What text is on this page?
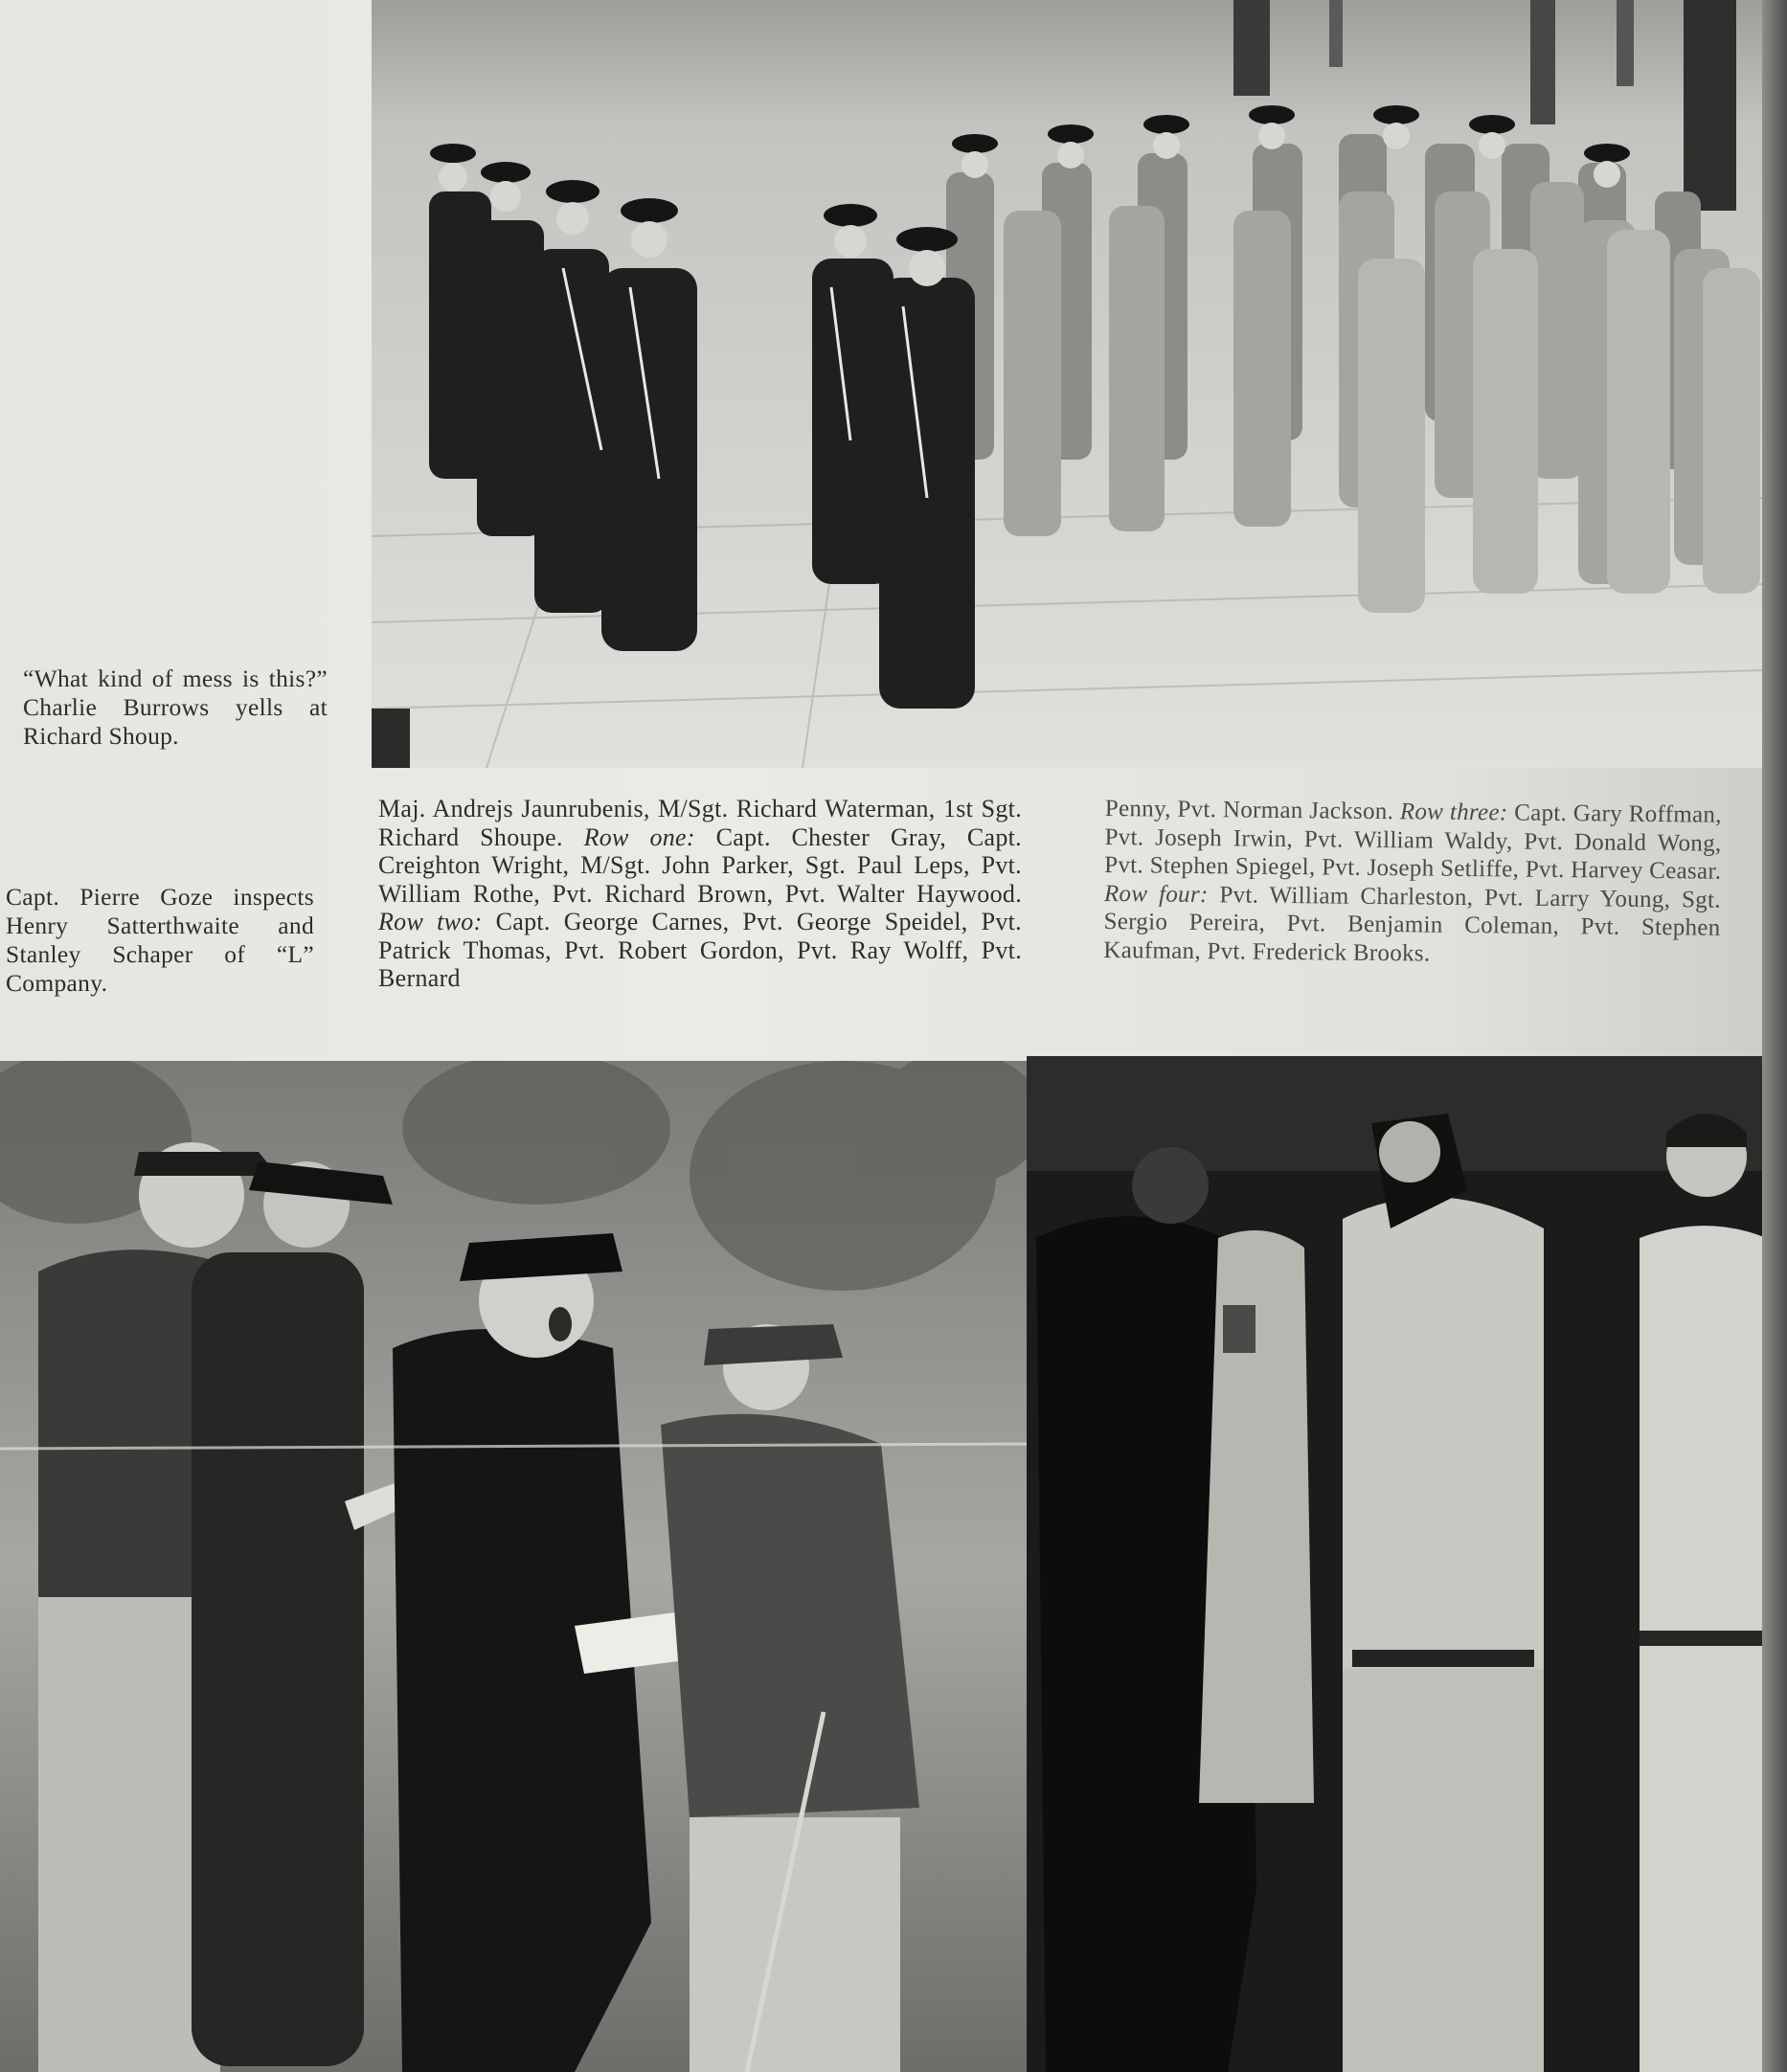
“What kind of mess is this?” Charlie Burrows yells at Richard Shoup.
Capt. Pierre Goze inspects Henry Satterthwaite and Stanley Schaper of “L” Company.
Maj. Andrejs Jaunrubenis, M/Sgt. Richard Waterman, 1st Sgt. Richard Shoupe. Row one: Capt. Chester Gray, Capt. Creighton Wright, M/Sgt. John Parker, Sgt. Paul Leps, Pvt. William Rothe, Pvt. Richard Brown, Pvt. Walter Haywood. Row two: Capt. George Carnes, Pvt. George Speidel, Pvt. Patrick Thomas, Pvt. Robert Gordon, Pvt. Ray Wolff, Pvt. Bernard
Penny, Pvt. Norman Jackson. Row three: Capt. Gary Roffman, Pvt. Joseph Irwin, Pvt. William Waldy, Pvt. Donald Wong, Pvt. Stephen Spiegel, Pvt. Joseph Setliffe, Pvt. Harvey Ceasar. Row four: Pvt. William Charleston, Pvt. Larry Young, Sgt. Sergio Pereira, Pvt. Benjamin Coleman, Pvt. Stephen Kaufman, Pvt. Frederick Brooks.
